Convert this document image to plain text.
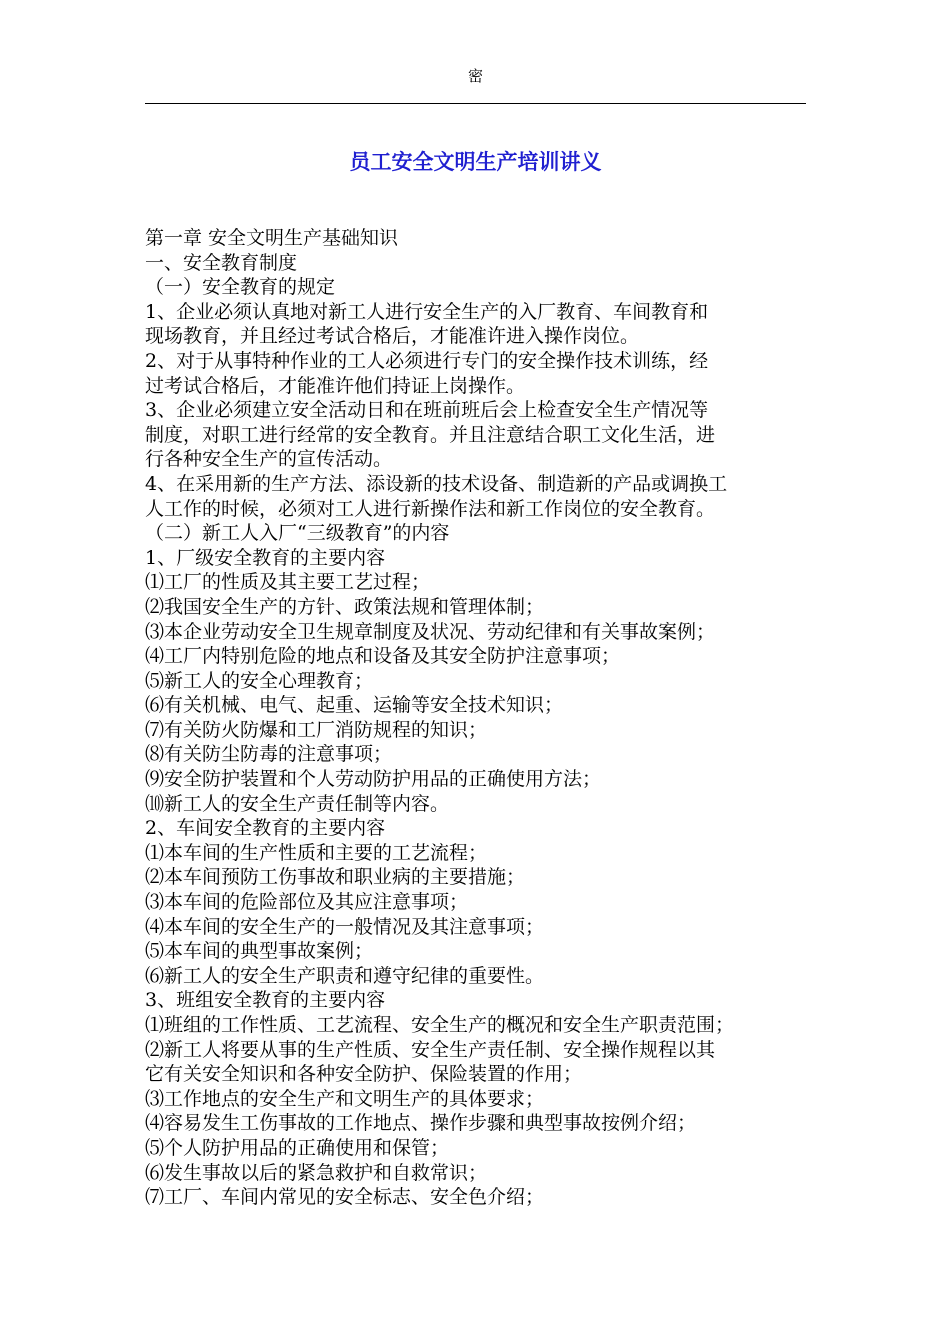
密
员工安全文明生产培训讲义
第一章 安全文明生产基础知识
一、安全教育制度
（一）安全教育的规定
1、企业必须认真地对新工人进行安全生产的入厂教育、车间教育和
现场教育，并且经过考试合格后，才能准许进入操作岗位。
2、对于从事特种作业的工人必须进行专门的安全操作技术训练，经
过考试合格后，才能准许他们持证上岗操作。
3、企业必须建立安全活动日和在班前班后会上检查安全生产情况等
制度，对职工进行经常的安全教育。并且注意结合职工文化生活，进
行各种安全生产的宣传活动。
4、在采用新的生产方法、添设新的技术设备、制造新的产品或调换工
人工作的时候，必须对工人进行新操作法和新工作岗位的安全教育。
（二）新工人入厂“三级教育”的内容
1、厂级安全教育的主要内容
⑴工厂的性质及其主要工艺过程；
⑵我国安全生产的方针、政策法规和管理体制；
⑶本企业劳动安全卫生规章制度及状况、劳动纪律和有关事故案例；
⑷工厂内特别危险的地点和设备及其安全防护注意事项；
⑸新工人的安全心理教育；
⑹有关机械、电气、起重、运输等安全技术知识；
⑺有关防火防爆和工厂消防规程的知识；
⑻有关防尘防毒的注意事项；
⑼安全防护装置和个人劳动防护用品的正确使用方法；
⑽新工人的安全生产责任制等内容。
2、车间安全教育的主要内容
⑴本车间的生产性质和主要的工艺流程；
⑵本车间预防工伤事故和职业病的主要措施；
⑶本车间的危险部位及其应注意事项；
⑷本车间的安全生产的一般情况及其注意事项；
⑸本车间的典型事故案例；
⑹新工人的安全生产职责和遵守纪律的重要性。
3、班组安全教育的主要内容
⑴班组的工作性质、工艺流程、安全生产的概况和安全生产职责范围；
⑵新工人将要从事的生产性质、安全生产责任制、安全操作规程以其
它有关安全知识和各种安全防护、保险装置的作用；
⑶工作地点的安全生产和文明生产的具体要求；
⑷容易发生工伤事故的工作地点、操作步骤和典型事故按例介绍；
⑸个人防护用品的正确使用和保管；
⑹发生事故以后的紧急救护和自救常识；
⑺工厂、车间内常见的安全标志、安全色介绍；
